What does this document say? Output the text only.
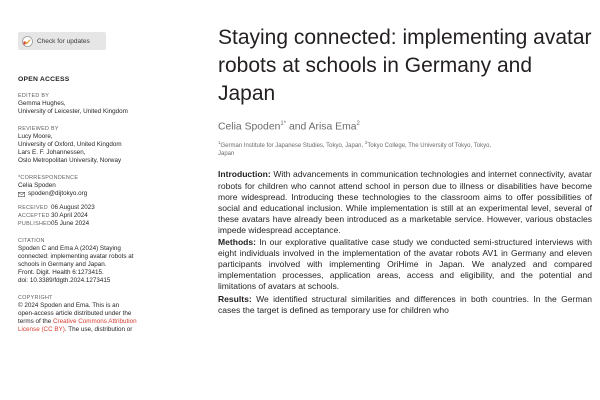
Check for updates
OPEN ACCESS
EDITED BY
Gemma Hughes,
University of Leicester, United Kingdom
REVIEWED BY
Lucy Moore,
University of Oxford, United Kingdom
Lars E. F. Johannessen,
Oslo Metropolitan University, Norway
*CORRESPONDENCE
Celia Spoden
spoden@dijtokyo.org
RECEIVED 06 August 2023
ACCEPTED 30 April 2024
PUBLISHED 05 June 2024
CITATION
Spoden C and Ema A (2024) Staying
connected: implementing avatar robots at
schools in Germany and Japan.
Front. Digit. Health 6:1273415.
doi: 10.3389/fdgth.2024.1273415
COPYRIGHT
© 2024 Spoden and Ema. This is an
open-access article distributed under the
terms of the Creative Commons Attribution
License (CC BY). The use, distribution or
Staying connected: implementing avatar robots at schools in Germany and Japan
Celia Spoden$^{1*}$ and Arisa Ema$^2$
$^1$German Institute for Japanese Studies, Tokyo, Japan, $^2$Tokyo College, The University of Tokyo, Tokyo,
Japan

Introduction: With advancements in communication technologies and internet connectivity, avatar robots for children who cannot attend school in person due to illness or disabilities have become more widespread. Introducing these technologies to the classroom aims to offer possibilities of social and educational inclusion. While implementation is still at an experimental level, several of these avatars have already been introduced as a marketable service. However, various obstacles impede widespread acceptance.

Methods: In our explorative qualitative case study we conducted semi-structured interviews with eight individuals involved in the implementation of the avatar robots AV1 in Germany and eleven participants involved with implementing OriHime in Japan. We analyzed and compared implementation processes, application areas, access and eligibility, and the potential and limitations of avatars at schools.

Results: We identified structural similarities and differences in both countries. In the German cases the target is defined as temporary use for children who
